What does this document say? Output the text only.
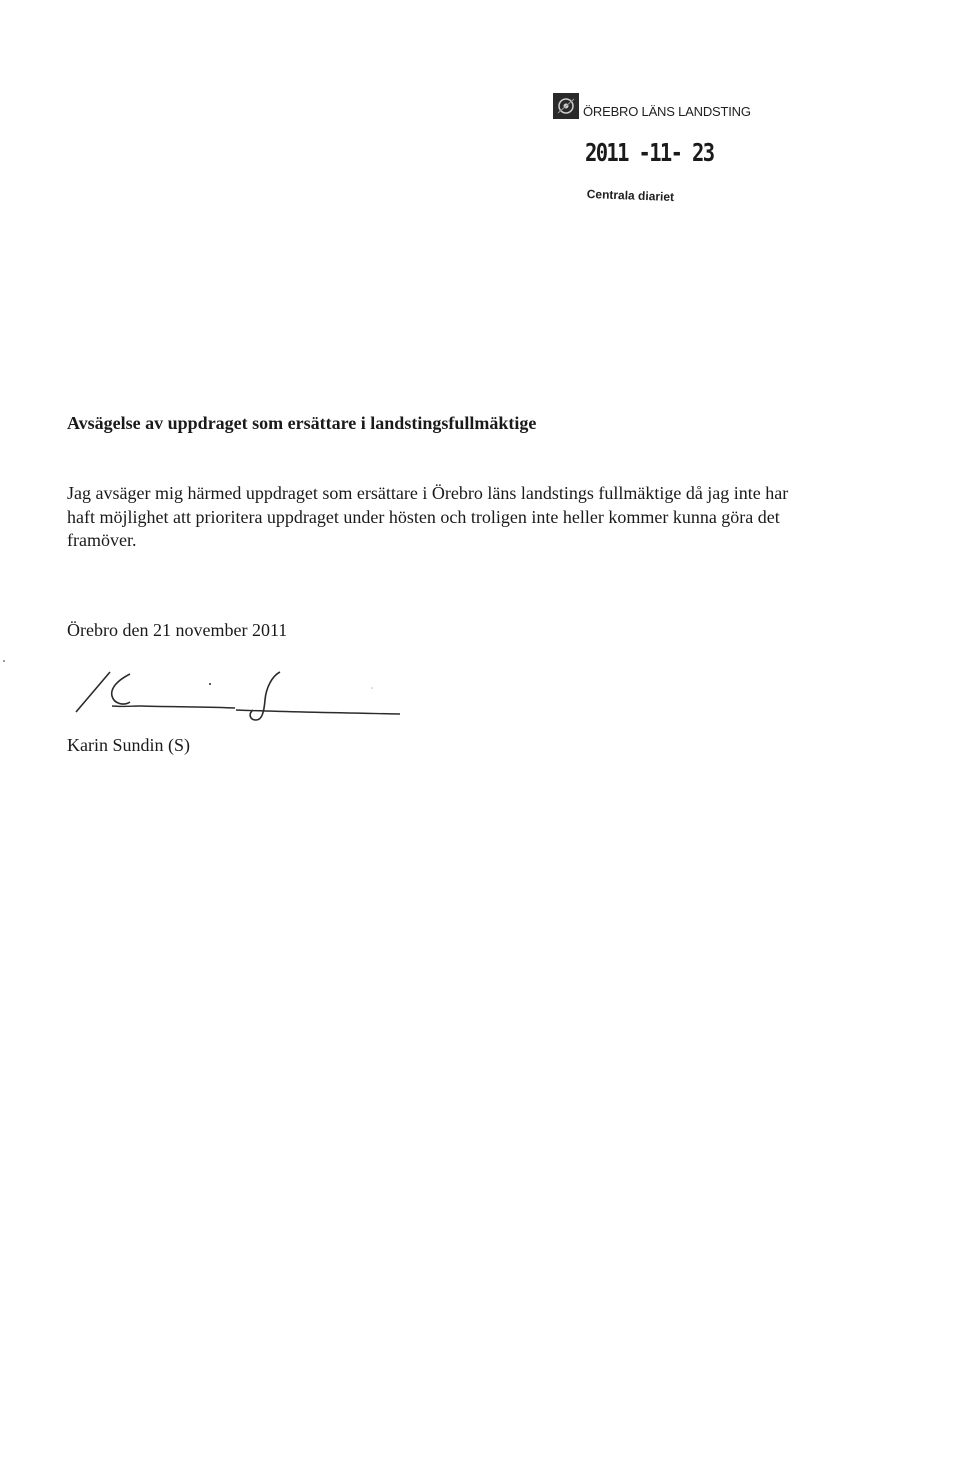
ÖREBRO LÄNS LANDSTING
2011 -11- 23
Centrala diariet
Avsägelse av uppdraget som ersättare i landstingsfullmäktige
Jag avsäger mig härmed uppdraget som ersättare i Örebro läns landstings fullmäktige då jag inte har haft möjlighet att prioritera uppdraget under hösten och troligen inte heller kommer kunna göra det framöver.
Örebro den 21 november 2011
Karin Sundin (S)
